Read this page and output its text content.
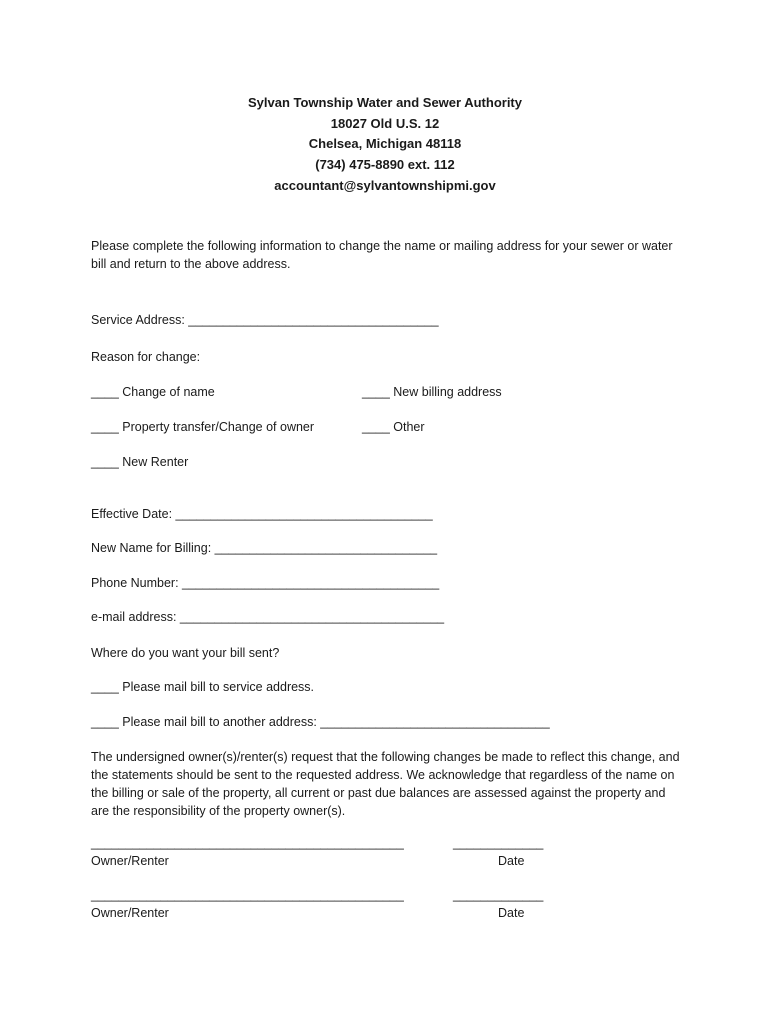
Sylvan Township Water and Sewer Authority
18027 Old U.S. 12
Chelsea, Michigan 48118
(734) 475-8890 ext. 112
accountant@sylvantownshipmi.gov
Please complete the following information to change the name or mailing address for your sewer or water bill and return to the above address.
Service Address: ____________________________________
Reason for change:
____ Change of name	____ New billing address
____ Property transfer/Change of owner	____ Other
____ New Renter
Effective Date: _____________________________________
New Name for Billing: ________________________________
Phone Number: _____________________________________
e-mail address: ______________________________________
Where do you want your bill sent?
____ Please mail bill to service address.
____ Please mail bill to another address: _________________________________
The undersigned owner(s)/renter(s) request that the following changes be made to reflect this change, and the statements should be sent to the requested address. We acknowledge that regardless of the name on the billing or sale of the property, all current or past due balances are assessed against the property and are the responsibility of the property owner(s).
_____________________________________________	_____________
Owner/Renter	Date
_____________________________________________	_____________
Owner/Renter	Date
